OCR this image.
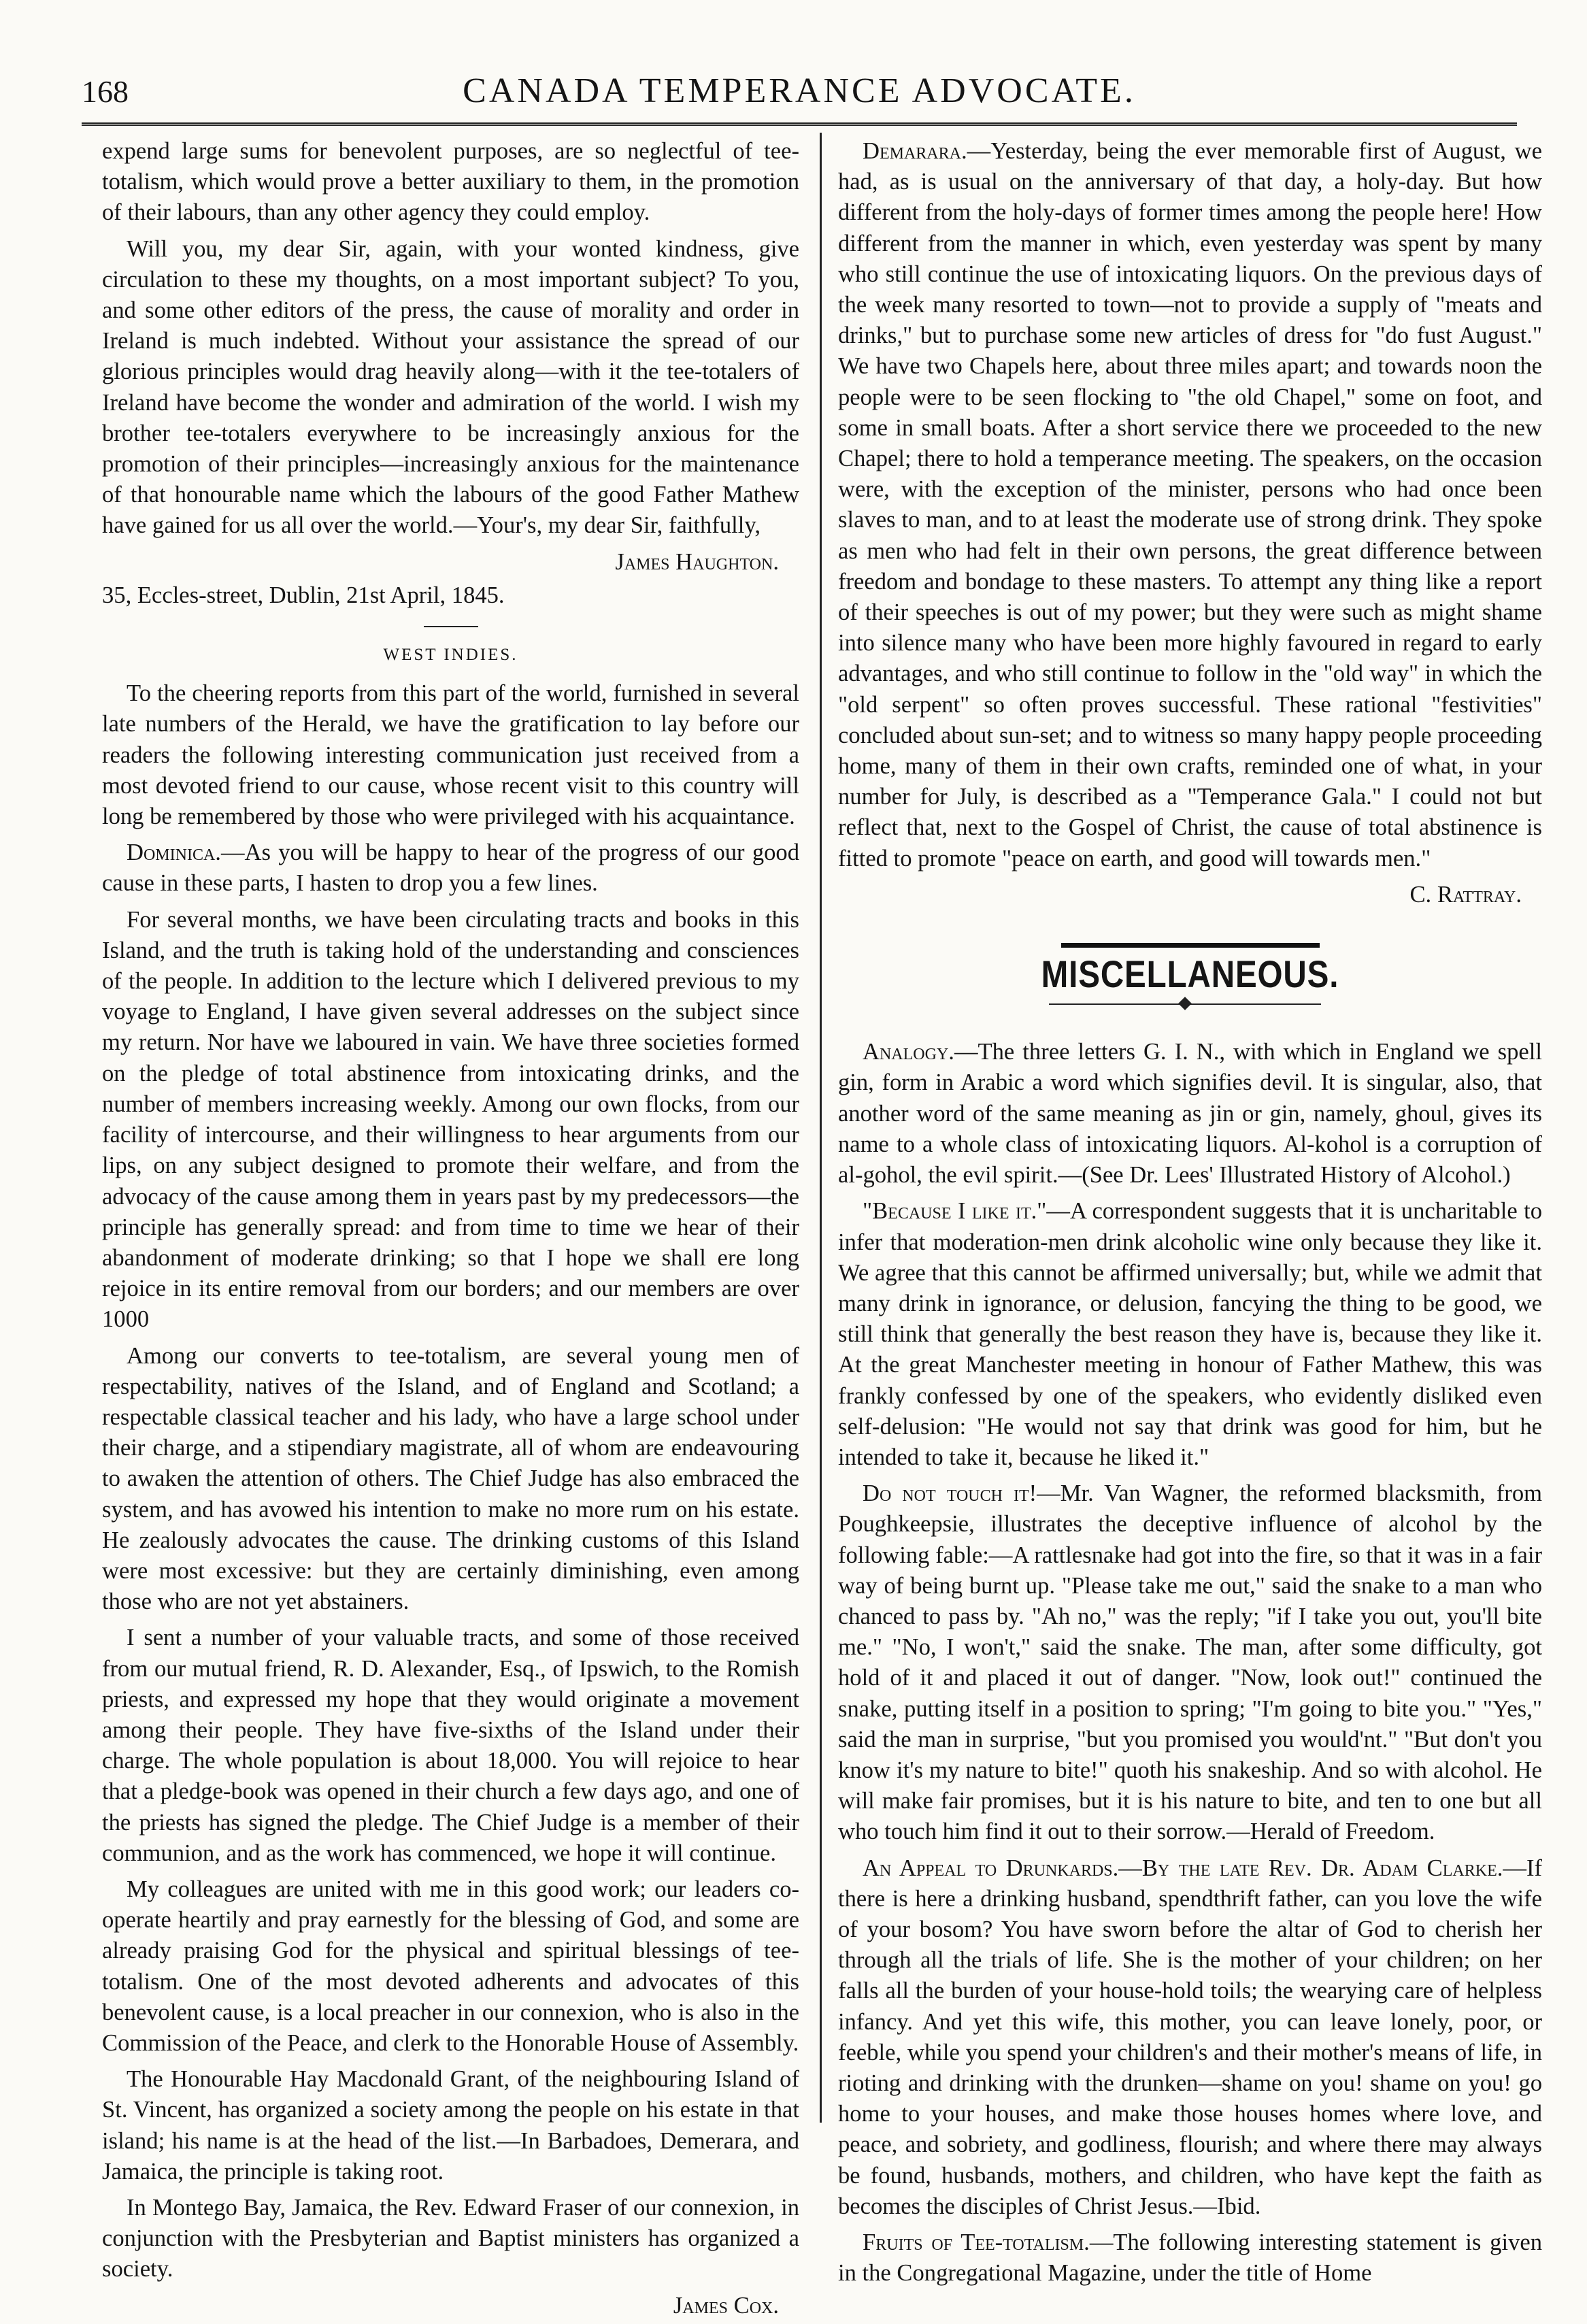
168	CANADA TEMPERANCE ADVOCATE.

expend large sums for benevolent purposes, are so neglectful of tee-totalism, which would prove a better auxiliary to them, in the promotion of their labours, than any other agency they could employ.

Will you, my dear Sir, again, with your wonted kindness, give circulation to these my thoughts, on a most important subject? To you, and some other editors of the press, the cause of morality and order in Ireland is much indebted. Without your assistance the spread of our glorious principles would drag heavily along—with it the tee-totalers of Ireland have become the wonder and admiration of the world. I wish my brother tee-totalers everywhere to be increasingly anxious for the promotion of their principles—increasingly anxious for the maintenance of that honourable name which the labours of the good Father Mathew have gained for us all over the world.—Your's, my dear Sir, faithfully,

James Haughton.
35, Eccles-street, Dublin, 21st April, 1845.
WEST INDIES.

To the cheering reports from this part of the world, furnished in several late numbers of the Herald, we have the gratification to lay before our readers the following interesting communication just received from a most devoted friend to our cause, whose recent visit to this country will long be remembered by those who were privileged with his acquaintance.

Dominica.—As you will be happy to hear of the progress of our good cause in these parts, I hasten to drop you a few lines.

For several months, we have been circulating tracts and books in this Island, and the truth is taking hold of the understanding and consciences of the people. In addition to the lecture which I delivered previous to my voyage to England, I have given several addresses on the subject since my return. Nor have we laboured in vain. We have three societies formed on the pledge of total abstinence from intoxicating drinks, and the number of members increasing weekly. Among our own flocks, from our facility of intercourse, and their willingness to hear arguments from our lips, on any subject designed to promote their welfare, and from the advocacy of the cause among them in years past by my predecessors—the principle has generally spread: and from time to time we hear of their abandonment of moderate drinking; so that I hope we shall ere long rejoice in its entire removal from our borders; and our members are over 1000

Among our converts to tee-totalism, are several young men of respectability, natives of the Island, and of England and Scotland; a respectable classical teacher and his lady, who have a large school under their charge, and a stipendiary magistrate, all of whom are endeavouring to awaken the attention of others. The Chief Judge has also embraced the system, and has avowed his intention to make no more rum on his estate. He zealously advocates the cause. The drinking customs of this Island were most excessive: but they are certainly diminishing, even among those who are not yet abstainers.

I sent a number of your valuable tracts, and some of those received from our mutual friend, R. D. Alexander, Esq., of Ipswich, to the Romish priests, and expressed my hope that they would originate a movement among their people. They have five-sixths of the Island under their charge. The whole population is about 18,000. You will rejoice to hear that a pledge-book was opened in their church a few days ago, and one of the priests has signed the pledge. The Chief Judge is a member of their communion, and as the work has commenced, we hope it will continue.

My colleagues are united with me in this good work; our leaders co-operate heartily and pray earnestly for the blessing of God, and some are already praising God for the physical and spiritual blessings of tee-totalism. One of the most devoted adherents and advocates of this benevolent cause, is a local preacher in our connexion, who is also in the Commission of the Peace, and clerk to the Honorable House of Assembly.

The Honourable Hay Macdonald Grant, of the neighbouring Island of St. Vincent, has organized a society among the people on his estate in that island; his name is at the head of the list.—In Barbadoes, Demerara, and Jamaica, the principle is taking root.

In Montego Bay, Jamaica, the Rev. Edward Fraser of our connexion, in conjunction with the Presbyterian and Baptist ministers has organized a society.

James Cox.

Demarara.—Yesterday, being the ever memorable first of August, we had, as is usual on the anniversary of that day, a holy-day. But how different from the holy-days of former times among the people here! How different from the manner in which, even yesterday was spent by many who still continue the use of intoxicating liquors. On the previous days of the week many resorted to town—not to provide a supply of "meats and drinks," but to purchase some new articles of dress for "do fust August." We have two Chapels here, about three miles apart; and towards noon the people were to be seen flocking to "the old Chapel," some on foot, and some in small boats. After a short service there we proceeded to the new Chapel; there to hold a temperance meeting. The speakers, on the occasion were, with the exception of the minister, persons who had once been slaves to man, and to at least the moderate use of strong drink. They spoke as men who had felt in their own persons, the great difference between freedom and bondage to these masters. To attempt any thing like a report of their speeches is out of my power; but they were such as might shame into silence many who have been more highly favoured in regard to early advantages, and who still continue to follow in the "old way" in which the "old serpent" so often proves successful. These rational "festivities" concluded about sun-set; and to witness so many happy people proceeding home, many of them in their own crafts, reminded one of what, in your number for July, is described as a "Temperance Gala." I could not but reflect that, next to the Gospel of Christ, the cause of total abstinence is fitted to promote "peace on earth, and good will towards men."

C. Rattray.
MISCELLANEOUS.

Analogy.—The three letters G. I. N., with which in England we spell gin, form in Arabic a word which signifies devil. It is singular, also, that another word of the same meaning as jin or gin, namely, ghoul, gives its name to a whole class of intoxicating liquors. Al-kohol is a corruption of al-gohol, the evil spirit.—(See Dr. Lees' Illustrated History of Alcohol.)

"Because I like it."—A correspondent suggests that it is uncharitable to infer that moderation-men drink alcoholic wine only because they like it. We agree that this cannot be affirmed universally; but, while we admit that many drink in ignorance, or delusion, fancying the thing to be good, we still think that generally the best reason they have is, because they like it. At the great Manchester meeting in honour of Father Mathew, this was frankly confessed by one of the speakers, who evidently disliked even self-delusion: "He would not say that drink was good for him, but he intended to take it, because he liked it."

Do not touch it!—Mr. Van Wagner, the reformed blacksmith, from Poughkeepsie, illustrates the deceptive influence of alcohol by the following fable:—A rattlesnake had got into the fire, so that it was in a fair way of being burnt up. "Please take me out," said the snake to a man who chanced to pass by. "Ah no," was the reply; "if I take you out, you'll bite me." "No, I won't," said the snake. The man, after some difficulty, got hold of it and placed it out of danger. "Now, look out!" continued the snake, putting itself in a position to spring; "I'm going to bite you." "Yes," said the man in surprise, "but you promised you would'nt." "But don't you know it's my nature to bite!" quoth his snakeship. And so with alcohol. He will make fair promises, but it is his nature to bite, and ten to one but all who touch him find it out to their sorrow.—Herald of Freedom.

An Appeal to Drunkards.—By the late Rev. Dr. Adam Clarke.—If there is here a drinking husband, spendthrift father, can you love the wife of your bosom? You have sworn before the altar of God to cherish her through all the trials of life. She is the mother of your children; on her falls all the burden of your house-hold toils; the wearying care of helpless infancy. And yet this wife, this mother, you can leave lonely, poor, or feeble, while you spend your children's and their mother's means of life, in rioting and drinking with the drunken—shame on you! shame on you! go home to your houses, and make those houses homes where love, and peace, and sobriety, and godliness, flourish; and where there may always be found, husbands, mothers, and children, who have kept the faith as becomes the disciples of Christ Jesus.—Ibid.

Fruits of Tee-totalism.—The following interesting statement is given in the Congregational Magazine, under the title of Home
